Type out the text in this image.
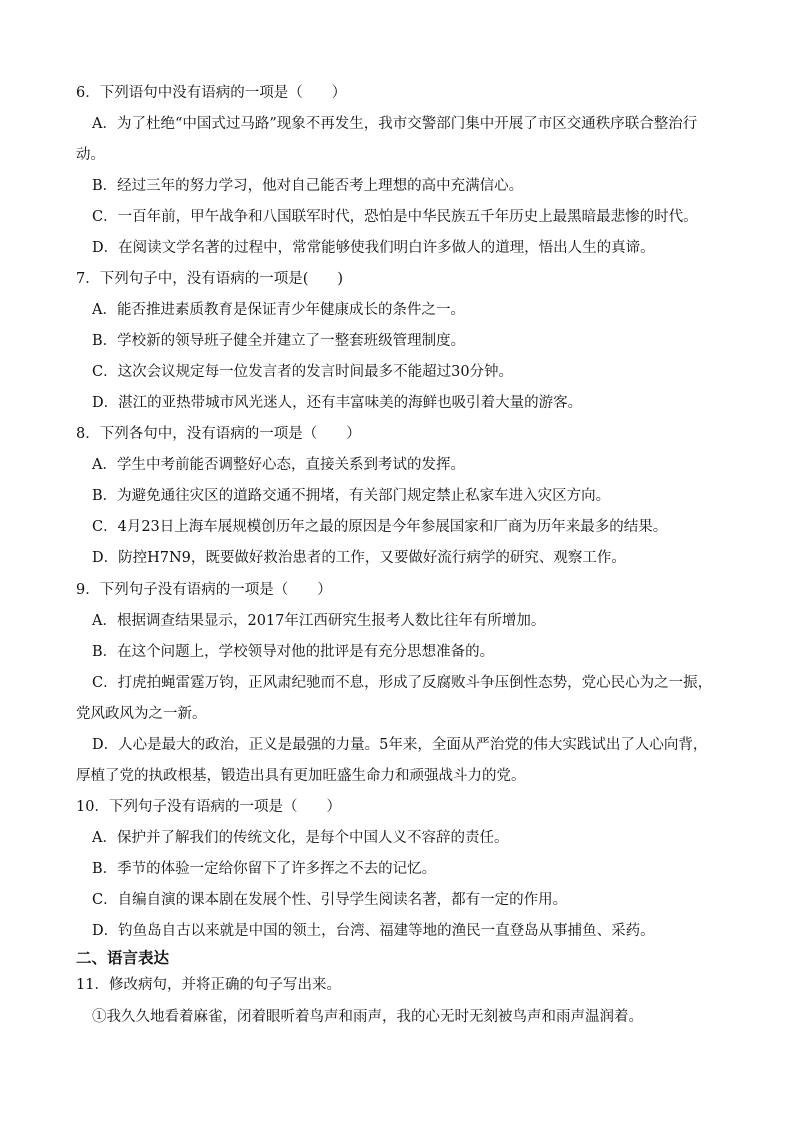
6．下列语句中没有语病的一项是（　　）
A．为了杜绝“中国式过马路”现象不再发生，我市交警部门集中开展了市区交通秩序联合整治行
动。
B．经过三年的努力学习，他对自己能否考上理想的高中充满信心。
C．一百年前，甲午战争和八国联军时代，恐怕是中华民族五千年历史上最黑暗最悲惨的时代。
D．在阅读文学名著的过程中，常常能够使我们明白许多做人的道理，悟出人生的真谛。
7．下列句子中，没有语病的一项是(　　)
A．能否推进素质教育是保证青少年健康成长的条件之一。
B．学校新的领导班子健全并建立了一整套班级管理制度。
C．这次会议规定每一位发言者的发言时间最多不能超过30分钟。
D．湛江的亚热带城市风光迷人，还有丰富味美的海鲜也吸引着大量的游客。
8．下列各句中，没有语病的一项是（　　）
A．学生中考前能否调整好心态，直接关系到考试的发挥。
B．为避免通往灾区的道路交通不拥堵，有关部门规定禁止私家车进入灾区方向。
C．4月23日上海车展规模创历年之最的原因是今年参展国家和厂商为历年来最多的结果。
D．防控H7N9，既要做好救治患者的工作，又要做好流行病学的研究、观察工作。
9．下列句子没有语病的一项是（　　）
A．根据调查结果显示，2017年江西研究生报考人数比往年有所增加。
B．在这个问题上，学校领导对他的批评是有充分思想准备的。
C．打虎拍蝇雷霆万钧，正风肃纪驰而不息，形成了反腐败斗争压倒性态势，党心民心为之一振，
党风政风为之一新。
D．人心是最大的政治，正义是最强的力量。5年来，全面从严治党的伟大实践试出了人心向背，
厚植了党的执政根基，锻造出具有更加旺盛生命力和顽强战斗力的党。
10．下列句子没有语病的一项是（　　）
A．保护并了解我们的传统文化，是每个中国人义不容辞的责任。
B．季节的体验一定给你留下了许多挥之不去的记忆。
C．自编自演的课本剧在发展个性、引导学生阅读名著，都有一定的作用。
D．钓鱼岛自古以来就是中国的领土，台湾、福建等地的渔民一直登岛从事捕鱼、采药。
二、语言表达
11．修改病句，并将正确的句子写出来。
①我久久地看着麻雀，闭着眼听着鸟声和雨声，我的心无时无刻被鸟声和雨声温润着。
